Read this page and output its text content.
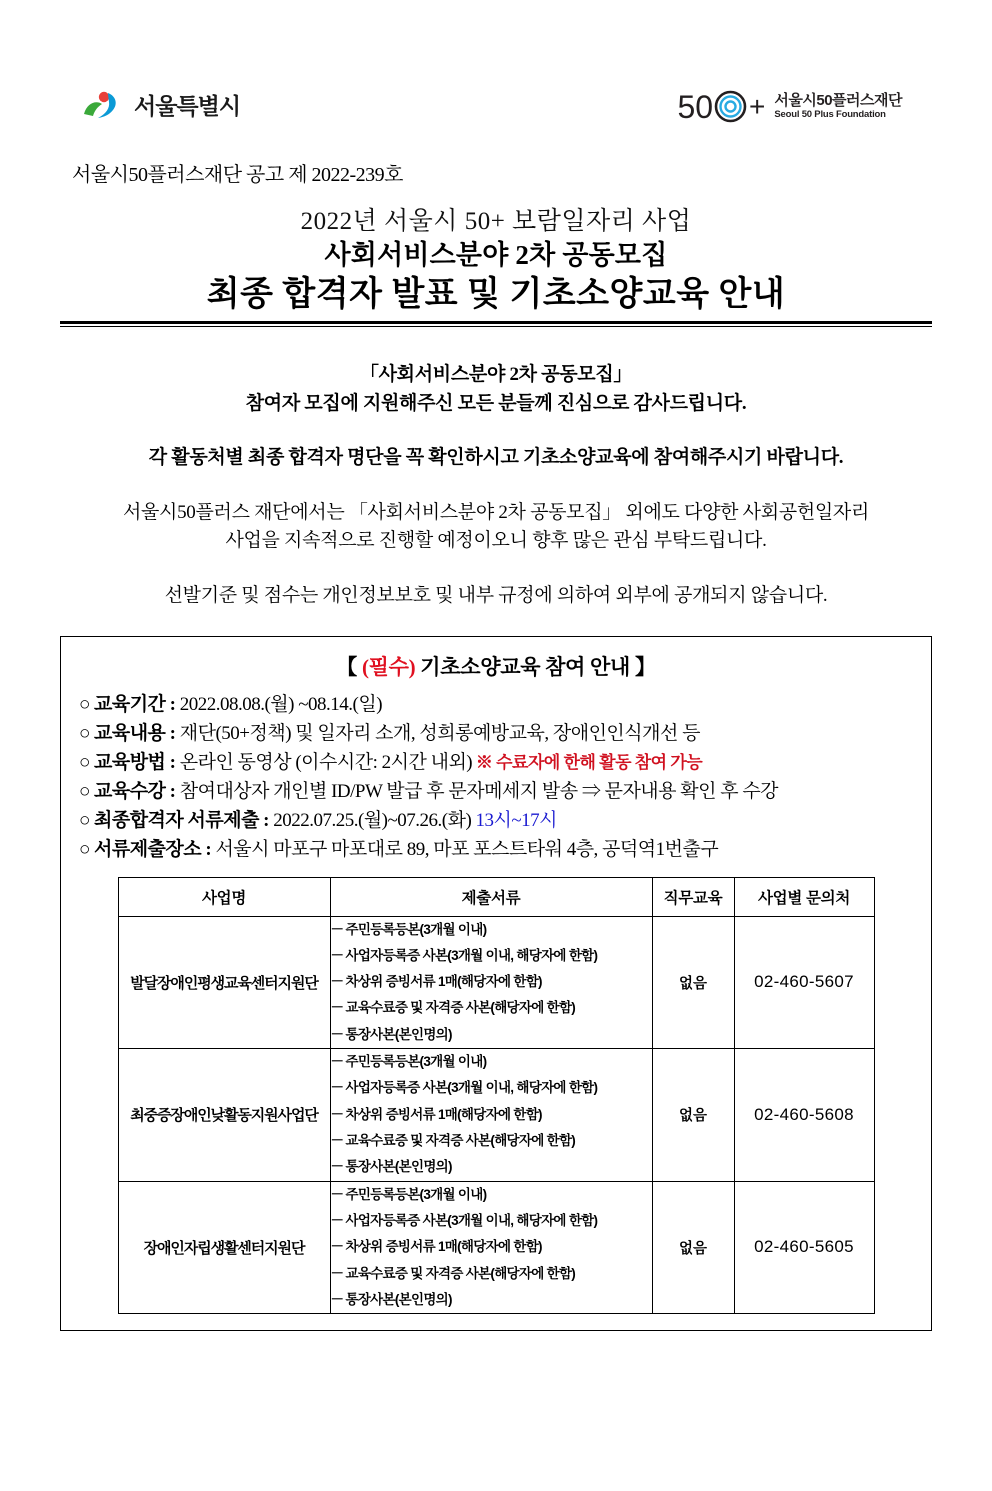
서울특별시	50 + 서울시50플러스재단
Seoul 50 Plus Foundation
서울시50플러스재단 공고 제 2022-239호
2022년 서울시 50+ 보람일자리 사업
사회서비스분야 2차 공동모집
최종 합격자 발표 및 기초소양교육 안내
「사회서비스분야 2차 공동모집」
참여자 모집에 지원해주신 모든 분들께 진심으로 감사드립니다.
각 활동처별 최종 합격자 명단을 꼭 확인하시고 기초소양교육에 참여해주시기 바랍니다.
서울시50플러스 재단에서는 「사회서비스분야 2차 공동모집」 외에도 다양한 사회공헌일자리
사업을 지속적으로 진행할 예정이오니 향후 많은 관심 부탁드립니다.
선발기준 및 점수는 개인정보보호 및 내부 규정에 의하여 외부에 공개되지 않습니다.
【 (필수) 기초소양교육 참여 안내 】
○ 교육기간 : 2022.08.08.(월) ~08.14.(일)
○ 교육내용 : 재단(50+정책) 및 일자리 소개, 성희롱예방교육, 장애인인식개선 등
○ 교육방법 : 온라인 동영상 (이수시간: 2시간 내외) ※ 수료자에 한해 활동 참여 가능
○ 교육수강 : 참여대상자 개인별 ID/PW 발급 후 문자메세지 발송 ⇒ 문자내용 확인 후 수강
○ 최종합격자 서류제출 : 2022.07.25.(월)~07.26.(화) 13시~17시
○ 서류제출장소 : 서울시 마포구 마포대로 89, 마포 포스트타워 4층, 공덕역1번출구
사업명	제출서류	직무교육	사업별 문의처
발달장애인평생교육센터지원단	
－ 주민등록등본(3개월 이내)
－ 사업자등록증 사본(3개월 이내, 해당자에 한함)
－ 차상위 증빙서류 1매(해당자에 한함)
－ 교육수료증 및 자격증 사본(해당자에 한함)
－ 통장사본(본인명의)
	없음	02-460-5607
최중증장애인낮활동지원사업단	
－ 주민등록등본(3개월 이내)
－ 사업자등록증 사본(3개월 이내, 해당자에 한함)
－ 차상위 증빙서류 1매(해당자에 한함)
－ 교육수료증 및 자격증 사본(해당자에 한함)
－ 통장사본(본인명의)
	없음	02-460-5608
장애인자립생활센터지원단	
－ 주민등록등본(3개월 이내)
－ 사업자등록증 사본(3개월 이내, 해당자에 한함)
－ 차상위 증빙서류 1매(해당자에 한함)
－ 교육수료증 및 자격증 사본(해당자에 한함)
－ 통장사본(본인명의)
	없음	02-460-5605
